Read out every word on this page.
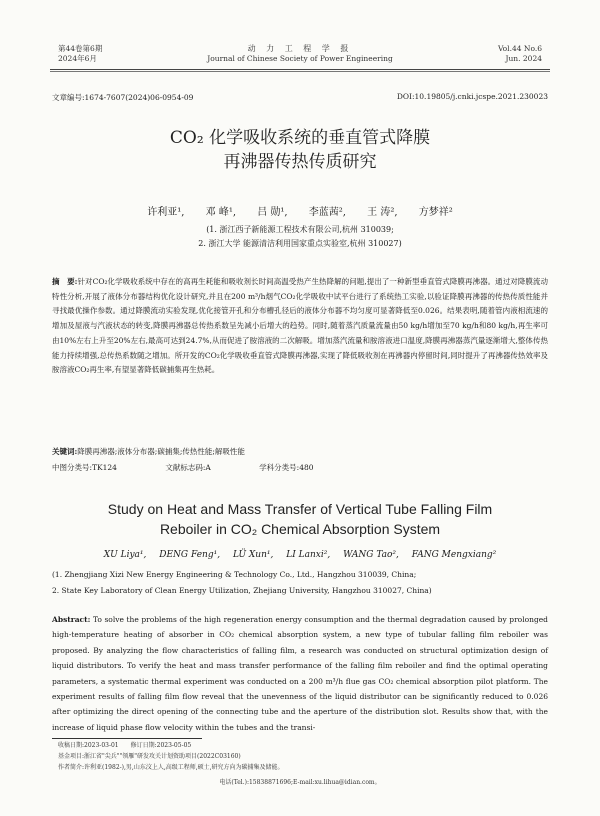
第44卷第6期
2024年6月
动 力 工 程 学 报
Journal of Chinese Society of Power Engineering
Vol.44 No.6
Jun. 2024
文章编号:1674-7607(2024)06-0954-09	DOI:10.19805/j.cnki.jcspe.2021.230023
CO₂ 化学吸收系统的垂直管式降膜
再沸器传热传质研究
许利亚¹, 邓 峰¹, 吕 勋¹, 李蓝茜², 王 涛², 方梦祥²
(1. 浙江西子新能源工程技术有限公司,杭州 310039;
2. 浙江大学 能源清洁利用国家重点实验室,杭州 310027)
摘　要:针对CO₂化学吸收系统中存在的高再生耗能和吸收剂长时间高温受热产生热降解的问题,提出了一种新型垂直管式降膜再沸器。通过对降膜流动特性分析,开展了液体分布器结构优化设计研究,并且在200 m³/h烟气CO₂化学吸收中试平台进行了系统热工实验,以验证降膜再沸器的传热传质性能并寻找最优操作参数。通过降膜流动实验发现,优化接管开孔和分布槽孔径后的液体分布器不均匀度可显著降低至0.026。结果表明,随着管内液相流速的增加及屋液与汽液状态的转变,降膜再沸器总传热系数呈先减小后增大的趋势。同时,随着蒸汽质量流量由50 kg/h增加至70 kg/h和80 kg/h,再生率可由10%左右上升至20%左右,最高可达到24.7%,从而促进了胺溶液的二次解吸。增加蒸汽流量和胺溶液进口温度,降膜再沸器蒸汽量逐渐增大,整体传热能力持续增强,总传热系数随之增加。所开发的CO₂化学吸收垂直管式降膜再沸器,实现了降低吸收剂在再沸器内停留时间,同时提升了再沸器传热效率及胺溶液CO₂再生率,有望显著降低碳捕集再生热耗。
关键词:降膜再沸器;液体分布器;碳捕集;传热性能;解吸性能
中图分类号:TK124	文献标志码:A	学科分类号:480
Study on Heat and Mass Transfer of Vertical Tube Falling Film
Reboiler in CO₂ Chemical Absorption System
XU Liya¹, DENG Feng¹, LÜ Xun¹, LI Lanxi², WANG Tao², FANG Mengxiang²
(1. Zhengjiang Xizi New Energy Engineering & Technology Co., Ltd., Hangzhou 310039, China;
2. State Key Laboratory of Clean Energy Utilization, Zhejiang University, Hangzhou 310027, China)
Abstract: To solve the problems of the high regeneration energy consumption and the thermal degradation caused by prolonged high-temperature heating of absorber in CO₂ chemical absorption system, a new type of tubular falling film reboiler was proposed. By analyzing the flow characteristics of falling film, a research was conducted on structural optimization design of liquid distributors. To verify the heat and mass transfer performance of the falling film reboiler and find the optimal operating parameters, a systematic thermal experiment was conducted on a 200 m³/h flue gas CO₂ chemical absorption pilot platform. The experiment results of falling film flow reveal that the unevenness of the liquid distributor can be significantly reduced to 0.026 after optimizing the direct opening of the connecting tube and the aperture of the distribution slot. Results show that, with the increase of liquid phase flow velocity within the tubes and the transi-
收稿日期:2023-03-01　　修订日期:2023-05-05
基金项目:浙江省"尖兵""领雁"研发攻关计划资助项目(2022C03160)
作者简介:许利亚(1982-),男,山东汶上人,高级工程师,硕士,研究方向为碳捕集及储能。
电话(Tel.):15838871696;E-mail:xu.lihua@idian.com。
